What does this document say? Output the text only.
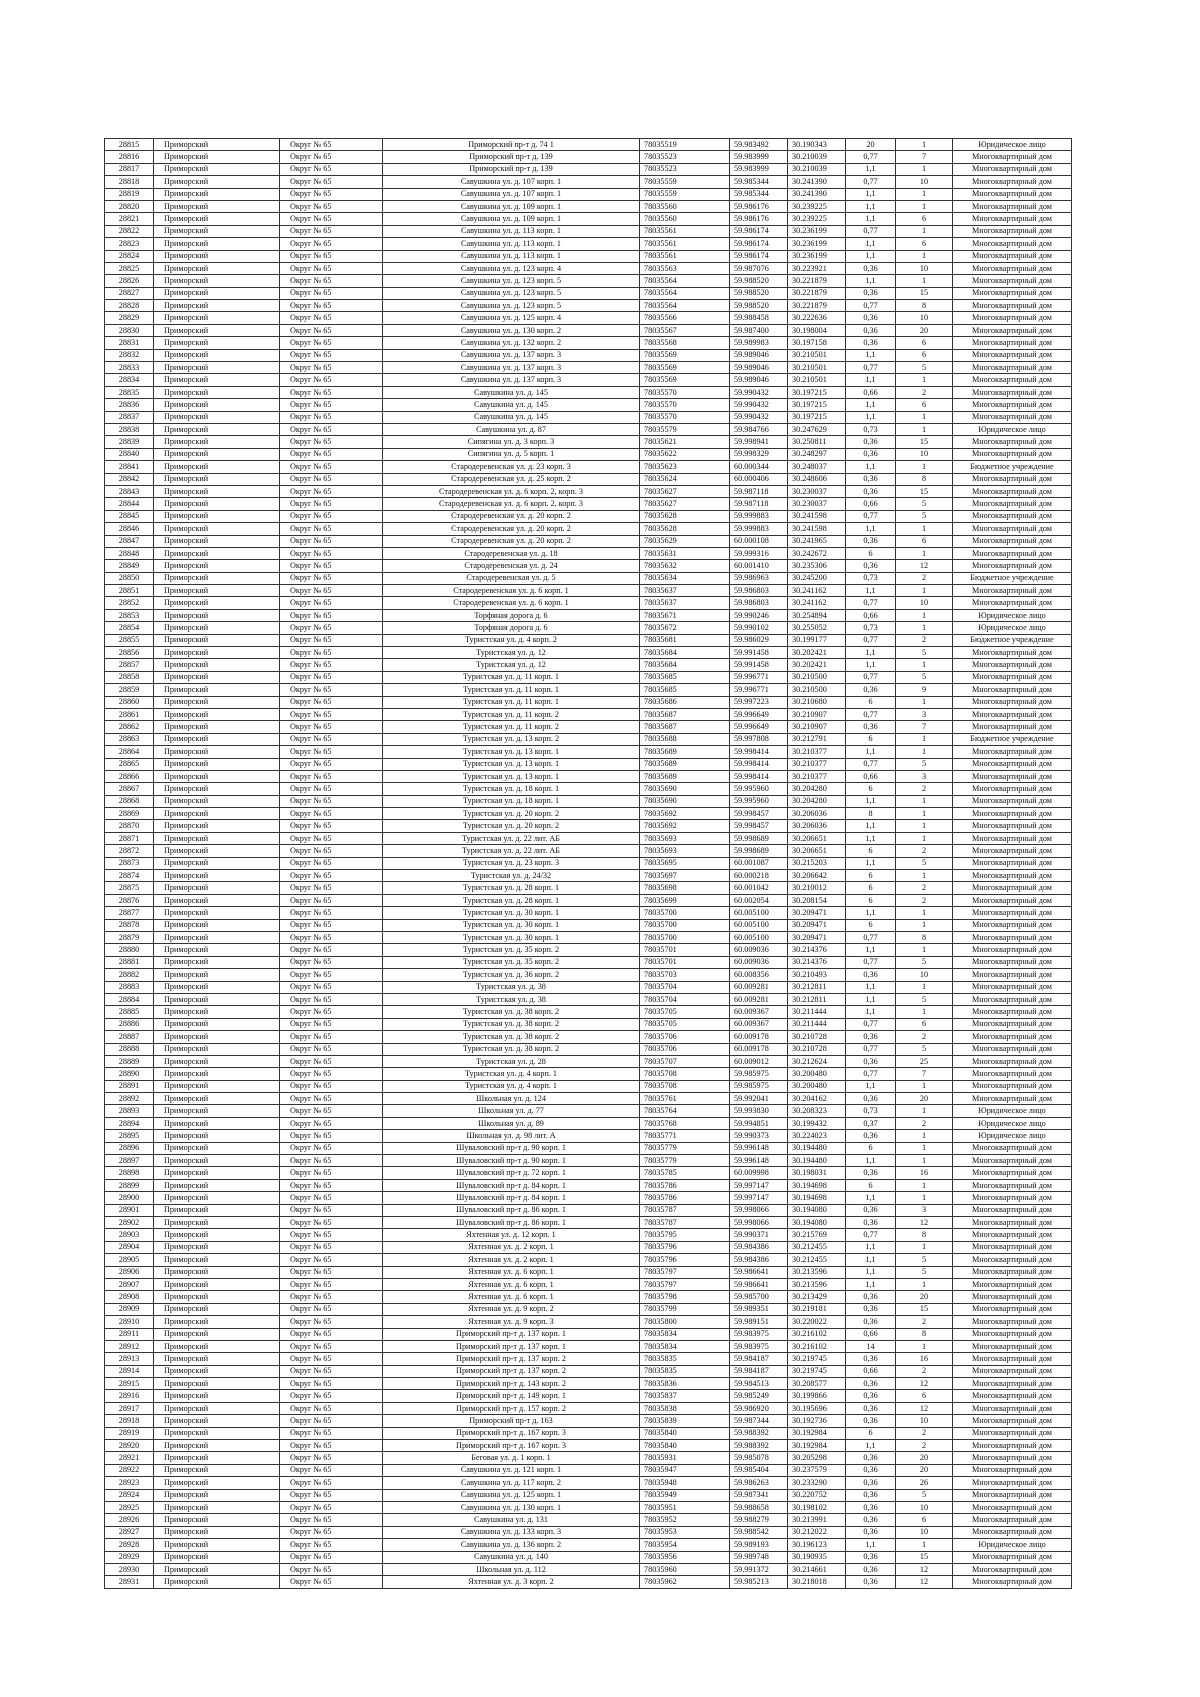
28815	Приморский	Округ № 65	Приморский пр-т д. 74 1	78035519	59.983492	30.190343	20	1	Юридическое лицо
28816	Приморский	Округ № 65	Приморский пр-т д. 139	78035523	59.983999	30.210039	0,77	7	Многоквартирный дом
28817	Приморский	Округ № 65	Приморский пр-т д. 139	78035523	59.983999	30.210039	1,1	1	Многоквартирный дом
28818	Приморский	Округ № 65	Савушкина ул. д. 107 корп. 1	78035559	59.985344	30.241390	0,77	10	Многоквартирный дом
28819	Приморский	Округ № 65	Савушкина ул. д. 107 корп. 1	78035559	59.985344	30.241390	1,1	1	Многоквартирный дом
28820	Приморский	Округ № 65	Савушкина ул. д. 109 корп. 1	78035560	59.986176	30.239225	1,1	1	Многоквартирный дом
28821	Приморский	Округ № 65	Савушкина ул. д. 109 корп. 1	78035560	59.986176	30.239225	1,1	6	Многоквартирный дом
28822	Приморский	Округ № 65	Савушкина ул. д. 113 корп. 1	78035561	59.986174	30.236199	0,77	1	Многоквартирный дом
28823	Приморский	Округ № 65	Савушкина ул. д. 113 корп. 1	78035561	59.986174	30.236199	1,1	6	Многоквартирный дом
28824	Приморский	Округ № 65	Савушкина ул. д. 113 корп. 1	78035561	59.986174	30.236199	1,1	1	Многоквартирный дом
28825	Приморский	Округ № 65	Савушкина ул. д. 123 корп. 4	78035563	59.987076	30.223921	0,36	10	Многоквартирный дом
28826	Приморский	Округ № 65	Савушкина ул. д. 123 корп. 5	78035564	59.988520	30.221879	1,1	1	Многоквартирный дом
28827	Приморский	Округ № 65	Савушкина ул. д. 123 корп. 5	78035564	59.988520	30.221879	0,36	15	Многоквартирный дом
28828	Приморский	Округ № 65	Савушкина ул. д. 123 корп. 5	78035564	59.988520	30.221879	0,77	8	Многоквартирный дом
28829	Приморский	Округ № 65	Савушкина ул. д. 125 корп. 4	78035566	59.988458	30.222636	0,36	10	Многоквартирный дом
28830	Приморский	Округ № 65	Савушкина ул. д. 130 корп. 2	78035567	59.987400	30.198004	0,36	20	Многоквартирный дом
28831	Приморский	Округ № 65	Савушкина ул. д. 132 корп. 2	78035568	59.989983	30.197158	0,36	6	Многоквартирный дом
28832	Приморский	Округ № 65	Савушкина ул. д. 137 корп. 3	78035569	59.989046	30.210501	1,1	6	Многоквартирный дом
28833	Приморский	Округ № 65	Савушкина ул. д. 137 корп. 3	78035569	59.989046	30.210501	0,77	5	Многоквартирный дом
28834	Приморский	Округ № 65	Савушкина ул. д. 137 корп. 3	78035569	59.989046	30.210501	1,1	1	Многоквартирный дом
28835	Приморский	Округ № 65	Савушкина ул. д. 145	78035570	59.990432	30.197215	0,66	2	Многоквартирный дом
28836	Приморский	Округ № 65	Савушкина ул. д. 145	78035570	59.990432	30.197215	1,1	6	Многоквартирный дом
28837	Приморский	Округ № 65	Савушкина ул. д. 145	78035570	59.990432	30.197215	1,1	1	Многоквартирный дом
28838	Приморский	Округ № 65	Савушкина ул. д. 87	78035579	59.984766	30.247629	0,73	1	Юридическое лицо
28839	Приморский	Округ № 65	Сипягина ул. д. 3 корп. 3	78035621	59.998941	30.250811	0,36	15	Многоквартирный дом
28840	Приморский	Округ № 65	Сипягина ул. д. 5 корп. 1	78035622	59.998329	30.248297	0,36	10	Многоквартирный дом
28841	Приморский	Округ № 65	Стародеревенская ул. д. 23 корп. 3	78035623	60.000344	30.248037	1,1	1	Бюджетное учреждение
28842	Приморский	Округ № 65	Стародеревенская ул. д. 25 корп. 2	78035624	60.000406	30.248606	0,36	8	Многоквартирный дом
28843	Приморский	Округ № 65	Стародеревенская ул. д. 6 корп. 2, корп. 3	78035627	59.987118	30.230037	0,36	15	Многоквартирный дом
28844	Приморский	Округ № 65	Стародеревенская ул. д. 6 корп. 2, корп. 3	78035627	59.987118	30.230037	0,66	5	Многоквартирный дом
28845	Приморский	Округ № 65	Стародеревенская ул. д. 20 корп. 2	78035628	59.999883	30.241598	0,77	5	Многоквартирный дом
28846	Приморский	Округ № 65	Стародеревенская ул. д. 20 корп. 2	78035628	59.999883	30.241598	1,1	1	Многоквартирный дом
28847	Приморский	Округ № 65	Стародеревенская ул. д. 20 корп. 2	78035629	60.000108	30.241965	0,36	6	Многоквартирный дом
28848	Приморский	Округ № 65	Стародеревенская ул. д. 18	78035631	59.999316	30.242672	6	1	Многоквартирный дом
28849	Приморский	Округ № 65	Стародеревенская ул. д. 24	78035632	60.001410	30.235306	0,36	12	Многоквартирный дом
28850	Приморский	Округ № 65	Стародеревенская ул. д. 5	78035634	59.986963	30.245200	0,73	2	Бюджетное учреждение
28851	Приморский	Округ № 65	Стародеревенская ул. д. 6 корп. 1	78035637	59.986803	30.241162	1,1	1	Многоквартирный дом
28852	Приморский	Округ № 65	Стародеревенская ул. д. 6 корп. 1	78035637	59.986803	30.241162	0,77	10	Многоквартирный дом
28853	Приморский	Округ № 65	Торфяная дорога д. 6	78035671	59.990246	30.254894	0,66	1	Юридическое лицо
28854	Приморский	Округ № 65	Торфяная дорога д. 6	78035672	59.990102	30.255052	0,73	1	Юридическое лицо
28855	Приморский	Округ № 65	Туристская ул. д. 4 корп. 2	78035681	59.986029	30.199177	0,77	2	Бюджетное учреждение
28856	Приморский	Округ № 65	Туристская ул. д. 12	78035684	59.991458	30.202421	1,1	5	Многоквартирный дом
28857	Приморский	Округ № 65	Туристская ул. д. 12	78035684	59.991458	30.202421	1,1	1	Многоквартирный дом
28858	Приморский	Округ № 65	Туристская ул. д. 11 корп. 1	78035685	59.996771	30.210500	0,77	5	Многоквартирный дом
28859	Приморский	Округ № 65	Туристская ул. д. 11 корп. 1	78035685	59.996771	30.210500	0,36	9	Многоквартирный дом
28860	Приморский	Округ № 65	Туристская ул. д. 11 корп. 1	78035686	59.997223	30.210680	6	1	Многоквартирный дом
28861	Приморский	Округ № 65	Туристская ул. д. 11 корп. 2	78035687	59.996649	30.210907	0,77	3	Многоквартирный дом
28862	Приморский	Округ № 65	Туристская ул. д. 11 корп. 2	78035687	59.996649	30.210907	0,36	7	Многоквартирный дом
28863	Приморский	Округ № 65	Туристская ул. д. 13 корп. 2	78035688	59.997808	30.212791	6	1	Бюджетное учреждение
28864	Приморский	Округ № 65	Туристская ул. д. 13 корп. 1	78035689	59.998414	30.210377	1,1	1	Многоквартирный дом
28865	Приморский	Округ № 65	Туристская ул. д. 13 корп. 1	78035689	59.998414	30.210377	0,77	5	Многоквартирный дом
28866	Приморский	Округ № 65	Туристская ул. д. 13 корп. 1	78035689	59.998414	30.210377	0,66	3	Многоквартирный дом
28867	Приморский	Округ № 65	Туристская ул. д. 18 корп. 1	78035690	59.995960	30.204280	6	2	Многоквартирный дом
28868	Приморский	Округ № 65	Туристская ул. д. 18 корп. 1	78035690	59.995960	30.204280	1,1	1	Многоквартирный дом
28869	Приморский	Округ № 65	Туристская ул. д. 20 корп. 2	78035692	59.998457	30.206036	8	1	Многоквартирный дом
28870	Приморский	Округ № 65	Туристская ул. д. 20 корп. 2	78035692	59.998457	30.206036	1,1	1	Многоквартирный дом
28871	Приморский	Округ № 65	Туристская ул. д. 22 лит. АБ	78035693	59.998689	30.206651	1,1	1	Многоквартирный дом
28872	Приморский	Округ № 65	Туристская ул. д. 22 лит. АБ	78035693	59.998689	30.206651	6	2	Многоквартирный дом
28873	Приморский	Округ № 65	Туристская ул. д. 23 корп. 3	78035695	60.001087	30.215203	1,1	5	Многоквартирный дом
28874	Приморский	Округ № 65	Туристская ул. д. 24/32	78035697	60.000218	30.206642	6	1	Многоквартирный дом
28875	Приморский	Округ № 65	Туристская ул. д. 28 корп. 1	78035698	60.001042	30.210012	6	2	Многоквартирный дом
28876	Приморский	Округ № 65	Туристская ул. д. 28 корп. 1	78035699	60.002054	30.208154	6	2	Многоквартирный дом
28877	Приморский	Округ № 65	Туристская ул. д. 30 корп. 1	78035700	60.005100	30.209471	1,1	1	Многоквартирный дом
28878	Приморский	Округ № 65	Туристская ул. д. 30 корп. 1	78035700	60.005100	30.209471	6	1	Многоквартирный дом
28879	Приморский	Округ № 65	Туристская ул. д. 30 корп. 1	78035700	60.005100	30.209471	0,77	8	Многоквартирный дом
28880	Приморский	Округ № 65	Туристская ул. д. 35 корп. 2	78035701	60.009036	30.214376	1,1	1	Многоквартирный дом
28881	Приморский	Округ № 65	Туристская ул. д. 35 корп. 2	78035701	60.009036	30.214376	0,77	5	Многоквартирный дом
28882	Приморский	Округ № 65	Туристская ул. д. 36 корп. 2	78035703	60.008356	30.210493	0,36	10	Многоквартирный дом
28883	Приморский	Округ № 65	Туристская ул. д. 38	78035704	60.009281	30.212811	1,1	1	Многоквартирный дом
28884	Приморский	Округ № 65	Туристская ул. д. 38	78035704	60.009281	30.212811	1,1	5	Многоквартирный дом
28885	Приморский	Округ № 65	Туристская ул. д. 38 корп. 2	78035705	60.009367	30.211444	1,1	1	Многоквартирный дом
28886	Приморский	Округ № 65	Туристская ул. д. 38 корп. 2	78035705	60.009367	30.211444	0,77	6	Многоквартирный дом
28887	Приморский	Округ № 65	Туристская ул. д. 38 корп. 2	78035706	60.009178	30.210728	0,36	2	Многоквартирный дом
28888	Приморский	Округ № 65	Туристская ул. д. 38 корп. 2	78035706	60.009178	30.210728	0,77	5	Многоквартирный дом
28889	Приморский	Округ № 65	Туристская ул. д. 28	78035707	60.009012	30.212624	0,36	25	Многоквартирный дом
28890	Приморский	Округ № 65	Туристская ул. д. 4 корп. 1	78035708	59.985975	30.200480	0,77	7	Многоквартирный дом
28891	Приморский	Округ № 65	Туристская ул. д. 4 корп. 1	78035708	59.985975	30.200480	1,1	1	Многоквартирный дом
28892	Приморский	Округ № 65	Школьная ул. д. 124	78035761	59.992041	30.204162	0,36	20	Многоквартирный дом
28893	Приморский	Округ № 65	Школьная ул. д. 77	78035764	59.993830	30.208323	0,73	1	Юридическое лицо
28894	Приморский	Округ № 65	Школьная ул. д. 89	78035768	59.994851	30.199432	0,37	2	Юридическое лицо
28895	Приморский	Округ № 65	Школьная ул. д. 98 лит. А	78035771	59.990373	30.224023	0,36	1	Юридическое лицо
28896	Приморский	Округ № 65	Шуваловский пр-т д. 90 корп. 1	78035779	59.996148	30.194480	6	1	Многоквартирный дом
28897	Приморский	Округ № 65	Шуваловский пр-т д. 90 корп. 1	78035779	59.996148	30.194480	1,1	1	Многоквартирный дом
28898	Приморский	Округ № 65	Шуваловский пр-т д. 72 корп. 1	78035785	60.009998	30.198031	0,36	16	Многоквартирный дом
28899	Приморский	Округ № 65	Шуваловский пр-т д. 84 корп. 1	78035786	59.997147	30.194698	6	1	Многоквартирный дом
28900	Приморский	Округ № 65	Шуваловский пр-т д. 84 корп. 1	78035786	59.997147	30.194698	1,1	1	Многоквартирный дом
28901	Приморский	Округ № 65	Шуваловский пр-т д. 86 корп. 1	78035787	59.998066	30.194080	0,36	3	Многоквартирный дом
28902	Приморский	Округ № 65	Шуваловский пр-т д. 86 корп. 1	78035787	59.998066	30.194080	0,36	12	Многоквартирный дом
28903	Приморский	Округ № 65	Яхтенная ул. д. 12 корп. 1	78035795	59.990371	30.215769	0,77	8	Многоквартирный дом
28904	Приморский	Округ № 65	Яхтенная ул. д. 2 корп. 1	78035796	59.984386	30.212455	1,1	1	Многоквартирный дом
28905	Приморский	Округ № 65	Яхтенная ул. д. 2 корп. 1	78035796	59.984386	30.212455	1,1	5	Многоквартирный дом
28906	Приморский	Округ № 65	Яхтенная ул. д. 6 корп. 1	78035797	59.986641	30.213596	1,1	5	Многоквартирный дом
28907	Приморский	Округ № 65	Яхтенная ул. д. 6 корп. 1	78035797	59.986641	30.213596	1,1	1	Многоквартирный дом
28908	Приморский	Округ № 65	Яхтенная ул. д. 6 корп. 1	78035798	59.985700	30.213429	0,36	20	Многоквартирный дом
28909	Приморский	Округ № 65	Яхтенная ул. д. 9 корп. 2	78035799	59.989351	30.219181	0,36	15	Многоквартирный дом
28910	Приморский	Округ № 65	Яхтенная ул. д. 9 корп. 3	78035800	59.989151	30.220022	0,36	2	Многоквартирный дом
28911	Приморский	Округ № 65	Приморский пр-т д. 137 корп. 1	78035834	59.983975	30.216102	0,66	8	Многоквартирный дом
28912	Приморский	Округ № 65	Приморский пр-т д. 137 корп. 1	78035834	59.983975	30.216102	14	1	Многоквартирный дом
28913	Приморский	Округ № 65	Приморский пр-т д. 137 корп. 2	78035835	59.984187	30.219745	0,36	16	Многоквартирный дом
28914	Приморский	Округ № 65	Приморский пр-т д. 137 корп. 2	78035835	59.984187	30.219745	0,66	2	Многоквартирный дом
28915	Приморский	Округ № 65	Приморский пр-т д. 143 корп. 2	78035836	59.984513	30.208577	0,36	12	Многоквартирный дом
28916	Приморский	Округ № 65	Приморский пр-т д. 149 корп. 1	78035837	59.985249	30.199866	0,36	6	Многоквартирный дом
28917	Приморский	Округ № 65	Приморский пр-т д. 157 корп. 2	78035838	59.986920	30.195696	0,36	12	Многоквартирный дом
28918	Приморский	Округ № 65	Приморский пр-т д. 163	78035839	59.987344	30.192736	0,36	10	Многоквартирный дом
28919	Приморский	Округ № 65	Приморский пр-т д. 167 корп. 3	78035840	59.988392	30.192984	6	2	Многоквартирный дом
28920	Приморский	Округ № 65	Приморский пр-т д. 167 корп. 3	78035840	59.988392	30.192984	1,1	2	Многоквартирный дом
28921	Приморский	Округ № 65	Беговая ул. д. 1 корп. 1	78035931	59.985078	30.205298	0,36	20	Многоквартирный дом
28922	Приморский	Округ № 65	Савушкина ул. д. 121 корп. 1	78035947	59.985404	30.237579	0,36	20	Многоквартирный дом
28923	Приморский	Округ № 65	Савушкина ул. д. 117 корп. 2	78035948	59.986263	30.233290	0,36	26	Многоквартирный дом
28924	Приморский	Округ № 65	Савушкина ул. д. 125 корп. 1	78035949	59.987341	30.220752	0,36	5	Многоквартирный дом
28925	Приморский	Округ № 65	Савушкина ул. д. 130 корп. 1	78035951	59.988658	30.198102	0,36	10	Многоквартирный дом
28926	Приморский	Округ № 65	Савушкина ул. д. 131	78035952	59.988279	30.213991	0,36	6	Многоквартирный дом
28927	Приморский	Округ № 65	Савушкина ул. д. 133 корп. 3	78035953	59.988542	30.212022	0,36	10	Многоквартирный дом
28928	Приморский	Округ № 65	Савушкина ул. д. 136 корп. 2	78035954	59.989193	30.196123	1,1	1	Юридическое лицо
28929	Приморский	Округ № 65	Савушкина ул. д. 140	78035956	59.989748	30.190935	0,36	15	Многоквартирный дом
28930	Приморский	Округ № 65	Школьная ул. д. 112	78035960	59.991372	30.214661	0,36	12	Многоквартирный дом
28931	Приморский	Округ № 65	Яхтенная ул. д. 3 корп. 2	78035962	59.985213	30.218018	0,36	12	Многоквартирный дом
